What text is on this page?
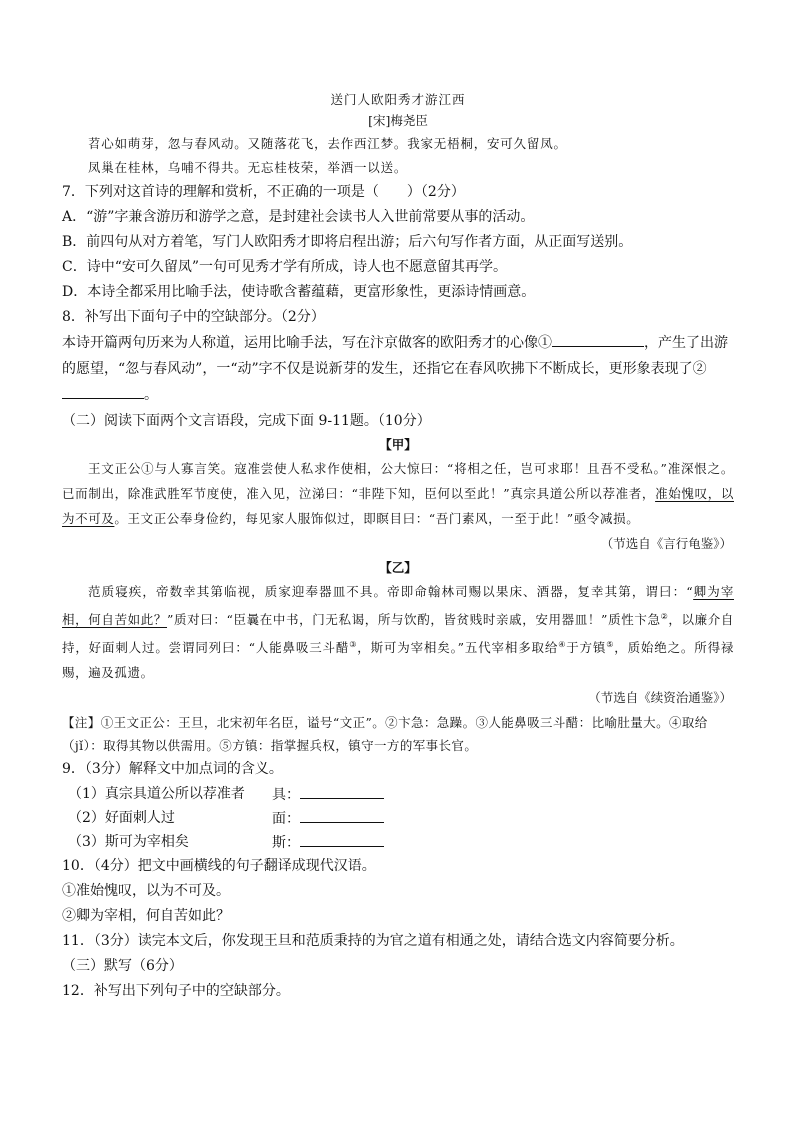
送门人欧阳秀才游江西
[宋]梅尧臣
苕心如萌芽，忽与春风动。又随落花飞，去作西江梦。我家无梧桐，安可久留凤。
凤巢在桂林，乌哺不得共。无忘桂枝荣，举酒一以送。
7．下列对这首诗的理解和赏析，不正确的一项是（　　）（2分）
A．“游”字兼含游历和游学之意，是封建社会读书人入世前常要从事的活动。
B．前四句从对方着笔，写门人欧阳秀才即将启程出游；后六句写作者方面，从正面写送别。
C．诗中“安可久留凤”一句可见秀才学有所成，诗人也不愿意留其再学。
D．本诗全都采用比喻手法，使诗歌含蓄蕴藉，更富形象性，更添诗情画意。
8．补写出下面句子中的空缺部分。（2分）
本诗开篇两句历来为人称道，运用比喻手法，写在汴京做客的欧阳秀才的心像①	，产生了出游的愿望，“忽与春风动”，一“动”字不仅是说新芽的发生，还指它在春风吹拂下不断成长，更形象表现了②
。
（二）阅读下面两个文言语段，完成下面 9-11题。（10分）
【甲】

王文正公①与人寡言笑。寇准尝使人私求作使相，公大惊曰：“将相之任，岂可求耶！且吾不受私。”准深恨之。已而制出，除准武胜军节度使，准入见，泣涕曰：“非陛下知，臣何以至此！”真宗具道公所以荐准者，准始愧叹，以为不可及。王文正公奉身俭约，每见家人服饰似过，即瞑目曰：“吾门素风，一至于此！”亟令减损。

（节选自《言行龟鉴》）
【乙】

范质寝疾，帝数幸其第临视，质家迎奉器皿不具。帝即命翰林司赐以果床、酒器，复幸其第，谓曰：“卿为宰相，何自苦如此？”质对曰：“臣曩在中书，门无私谒，所与饮酌，皆贫贱时亲戚，安用器皿！”质性卞急②，以廉介自持，好面刺人过。尝谓同列曰：“人能鼻吸三斗醋③，斯可为宰相矣。”五代宰相多取给④于方镇⑤，质始绝之。所得禄赐，遍及孤遗。

（节选自《续资治通鉴》）

【注】①王文正公：王旦，北宋初年名臣，谥号“文正”。②卞急：急躁。③人能鼻吸三斗醋：比喻肚量大。④取给（jǐ）：取得其物以供需用。⑤方镇：指掌握兵权，镇守一方的军事长官。

9．（3分）解释文中加点词的含义。
（1）真宗具道公所以荐准者 具：
（2）好面刺人过	面：
（3）斯可为宰相矣	斯：
10．（4分）把文中画横线的句子翻译成现代汉语。
①准始愧叹，以为不可及。
②卿为宰相，何自苦如此？
11．（3分）读完本文后，你发现王旦和范质秉持的为官之道有相通之处，请结合选文内容简要分析。
（三）默写（6分）
12．补写出下列句子中的空缺部分。
